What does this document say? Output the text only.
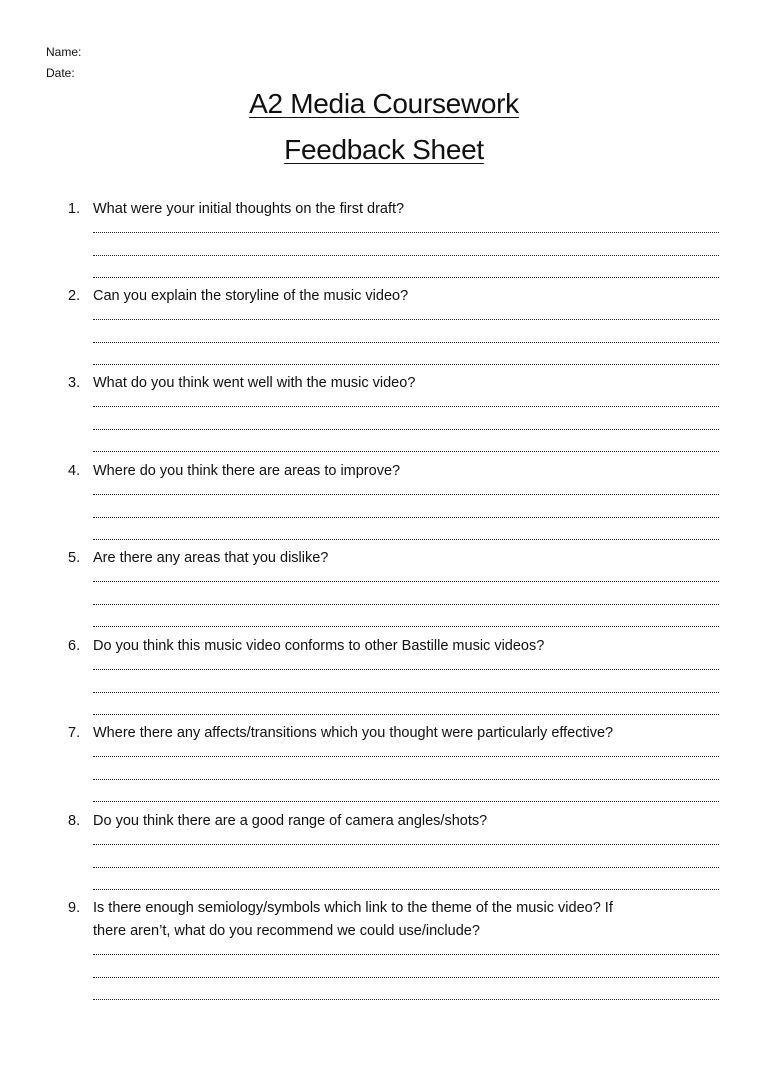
Name:
Date:
A2 Media Coursework
Feedback Sheet
1. What were your initial thoughts on the first draft?
2. Can you explain the storyline of the music video?
3. What do you think went well with the music video?
4. Where do you think there are areas to improve?
5. Are there any areas that you dislike?
6. Do you think this music video conforms to other Bastille music videos?
7. Where there any affects/transitions which you thought were particularly effective?
8. Do you think there are a good range of camera angles/shots?
9. Is there enough semiology/symbols which link to the theme of the music video? If
there aren’t, what do you recommend we could use/include?
